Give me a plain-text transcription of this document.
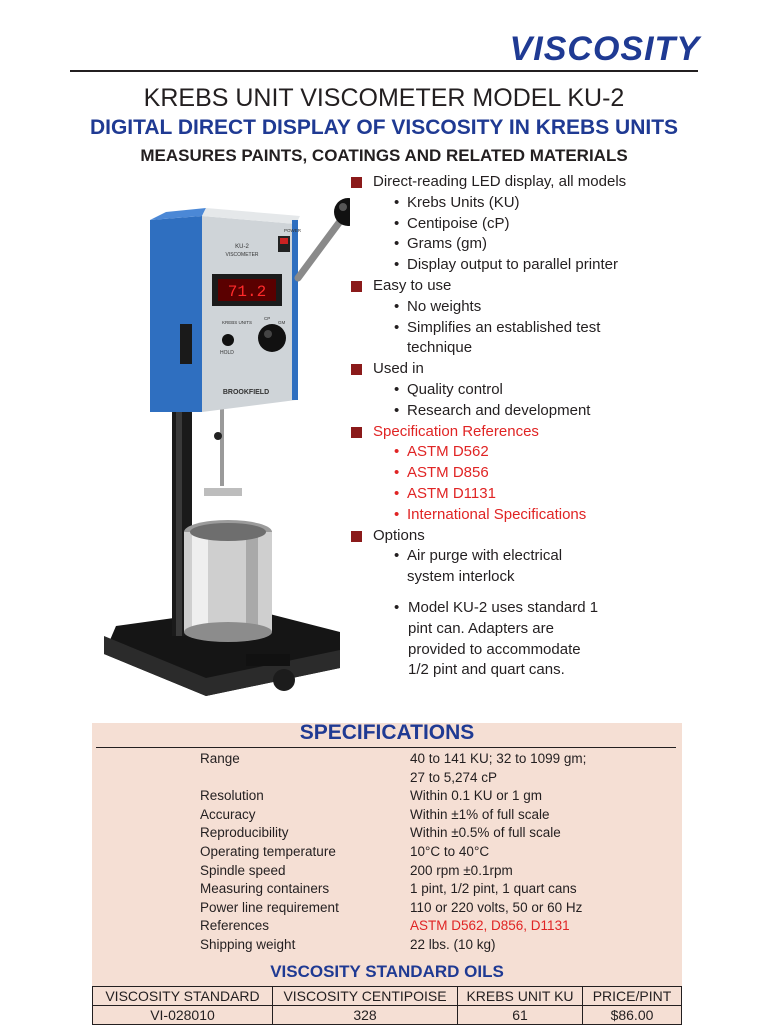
VISCOSITY
KREBS UNIT VISCOMETER MODEL KU-2
DIGITAL DIRECT DISPLAY OF VISCOSITY IN KREBS UNITS
MEASURES PAINTS, COATINGS AND RELATED MATERIALS
71.2
KU-2
VISCOMETER
KREBS UNITS
CP
GM
HOLD
POWER
BROOKFIELD
Direct-reading LED display, all models
• Krebs Units (KU)
• Centipoise (cP)
• Grams (gm)
• Display output to parallel printer
Easy to use
• No weights
• Simplifies an established test technique
Used in
• Quality control
• Research and development
Specification References
• ASTM D562
• ASTM D856
• ASTM D1131
• International Specifications
Options
• Air purge with electrical system interlock
• Model KU-2 uses standard 1 pint can. Adapters are provided to accommodate 1/2 pint and quart cans.
SPECIFICATIONS
Range	40 to 141 KU; 32 to 1099 gm;
27 to 5,274 cP
Resolution	Within 0.1 KU or 1 gm
Accuracy	Within ±1% of full scale
Reproducibility	Within ±0.5% of full scale
Operating temperature	10°C to 40°C
Spindle speed	200 rpm ±0.1rpm
Measuring containers	1 pint, 1/2 pint, 1 quart cans
Power line requirement	110 or 220 volts, 50 or 60 Hz
References	ASTM D562, D856, D1131
Shipping weight	22 lbs. (10 kg)
VISCOSITY STANDARD OILS
VISCOSITY STANDARD	VISCOSITY CENTIPOISE	KREBS UNIT KU	PRICE/PINT
VI-028010	328	61	$86.00
